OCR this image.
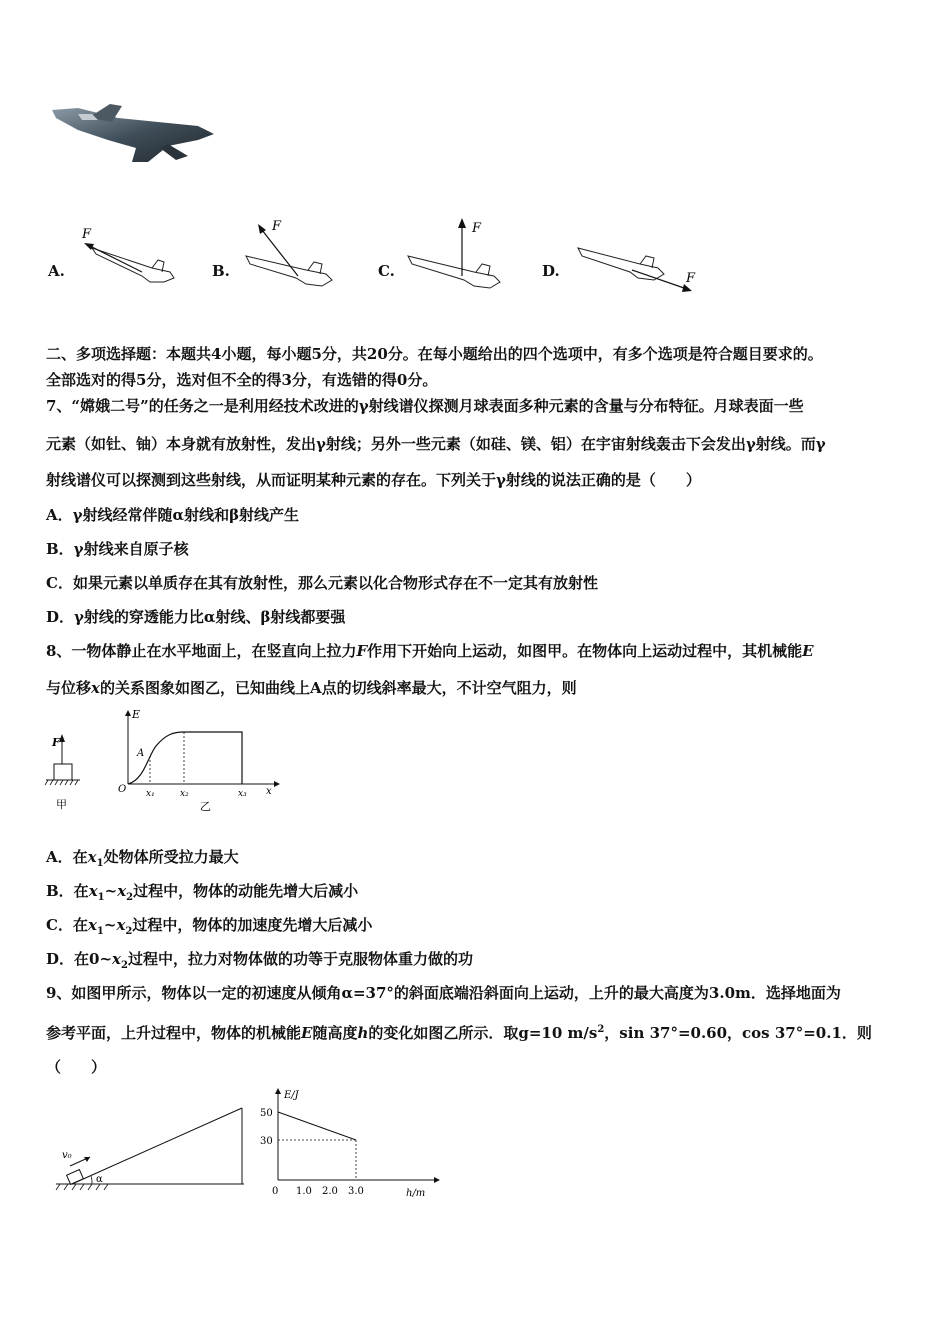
A.
F
B.
F
C.
F
D.	F
二、多项选择题：本题共4小题，每小题5分，共20分。在每小题给出的四个选项中，有多个选项是符合题目要求的。
全部选对的得5分，选对但不全的得3分，有选错的得0分。
7、“嫦娥二号”的任务之一是利用经技术改进的γ射线谱仪探测月球表面多种元素的含量与分布特征。月球表面一些
元素（如钍、铀）本身就有放射性，发出γ射线；另外一些元素（如硅、镁、铝）在宇宙射线轰击下会发出γ射线。而γ
射线谱仪可以探测到这些射线，从而证明某种元素的存在。下列关于γ射线的说法正确的是（　　）
A．γ射线经常伴随α射线和β射线产生
B．γ射线来自原子核
C．如果元素以单质存在其有放射性，那么元素以化合物形式存在不一定其有放射性
D．γ射线的穿透能力比α射线、β射线都要强
8、一物体静止在水平地面上，在竖直向上拉力F作用下开始向上运动，如图甲。在物体向上运动过程中，其机械能E
与位移x的关系图象如图乙，已知曲线上A点的切线斜率最大，不计空气阻力，则
F
甲
E
O
A
x₁	x₂	x₃ x
乙
A．在$x_1$处物体所受拉力最大
B．在$x_1\sim x_2$过程中，物体的动能先增大后减小
C．在$x_1\sim x_2$过程中，物体的加速度先增大后减小
D．在$0\sim x_2$过程中，拉力对物体做的功等于克服物体重力做的功
9、如图甲所示，物体以一定的初速度从倾角α=37°的斜面底端沿斜面向上运动，上升的最大高度为3.0m．选择地面为
参考平面，上升过程中，物体的机械能E随高度h的变化如图乙所示．取g=10 $m/s^2$，sin 37°=0.60，cos 37°=0.1．则
（　　）
v₀
α
E/J
h/m
50
30
0 1.0 2.0 3.0
